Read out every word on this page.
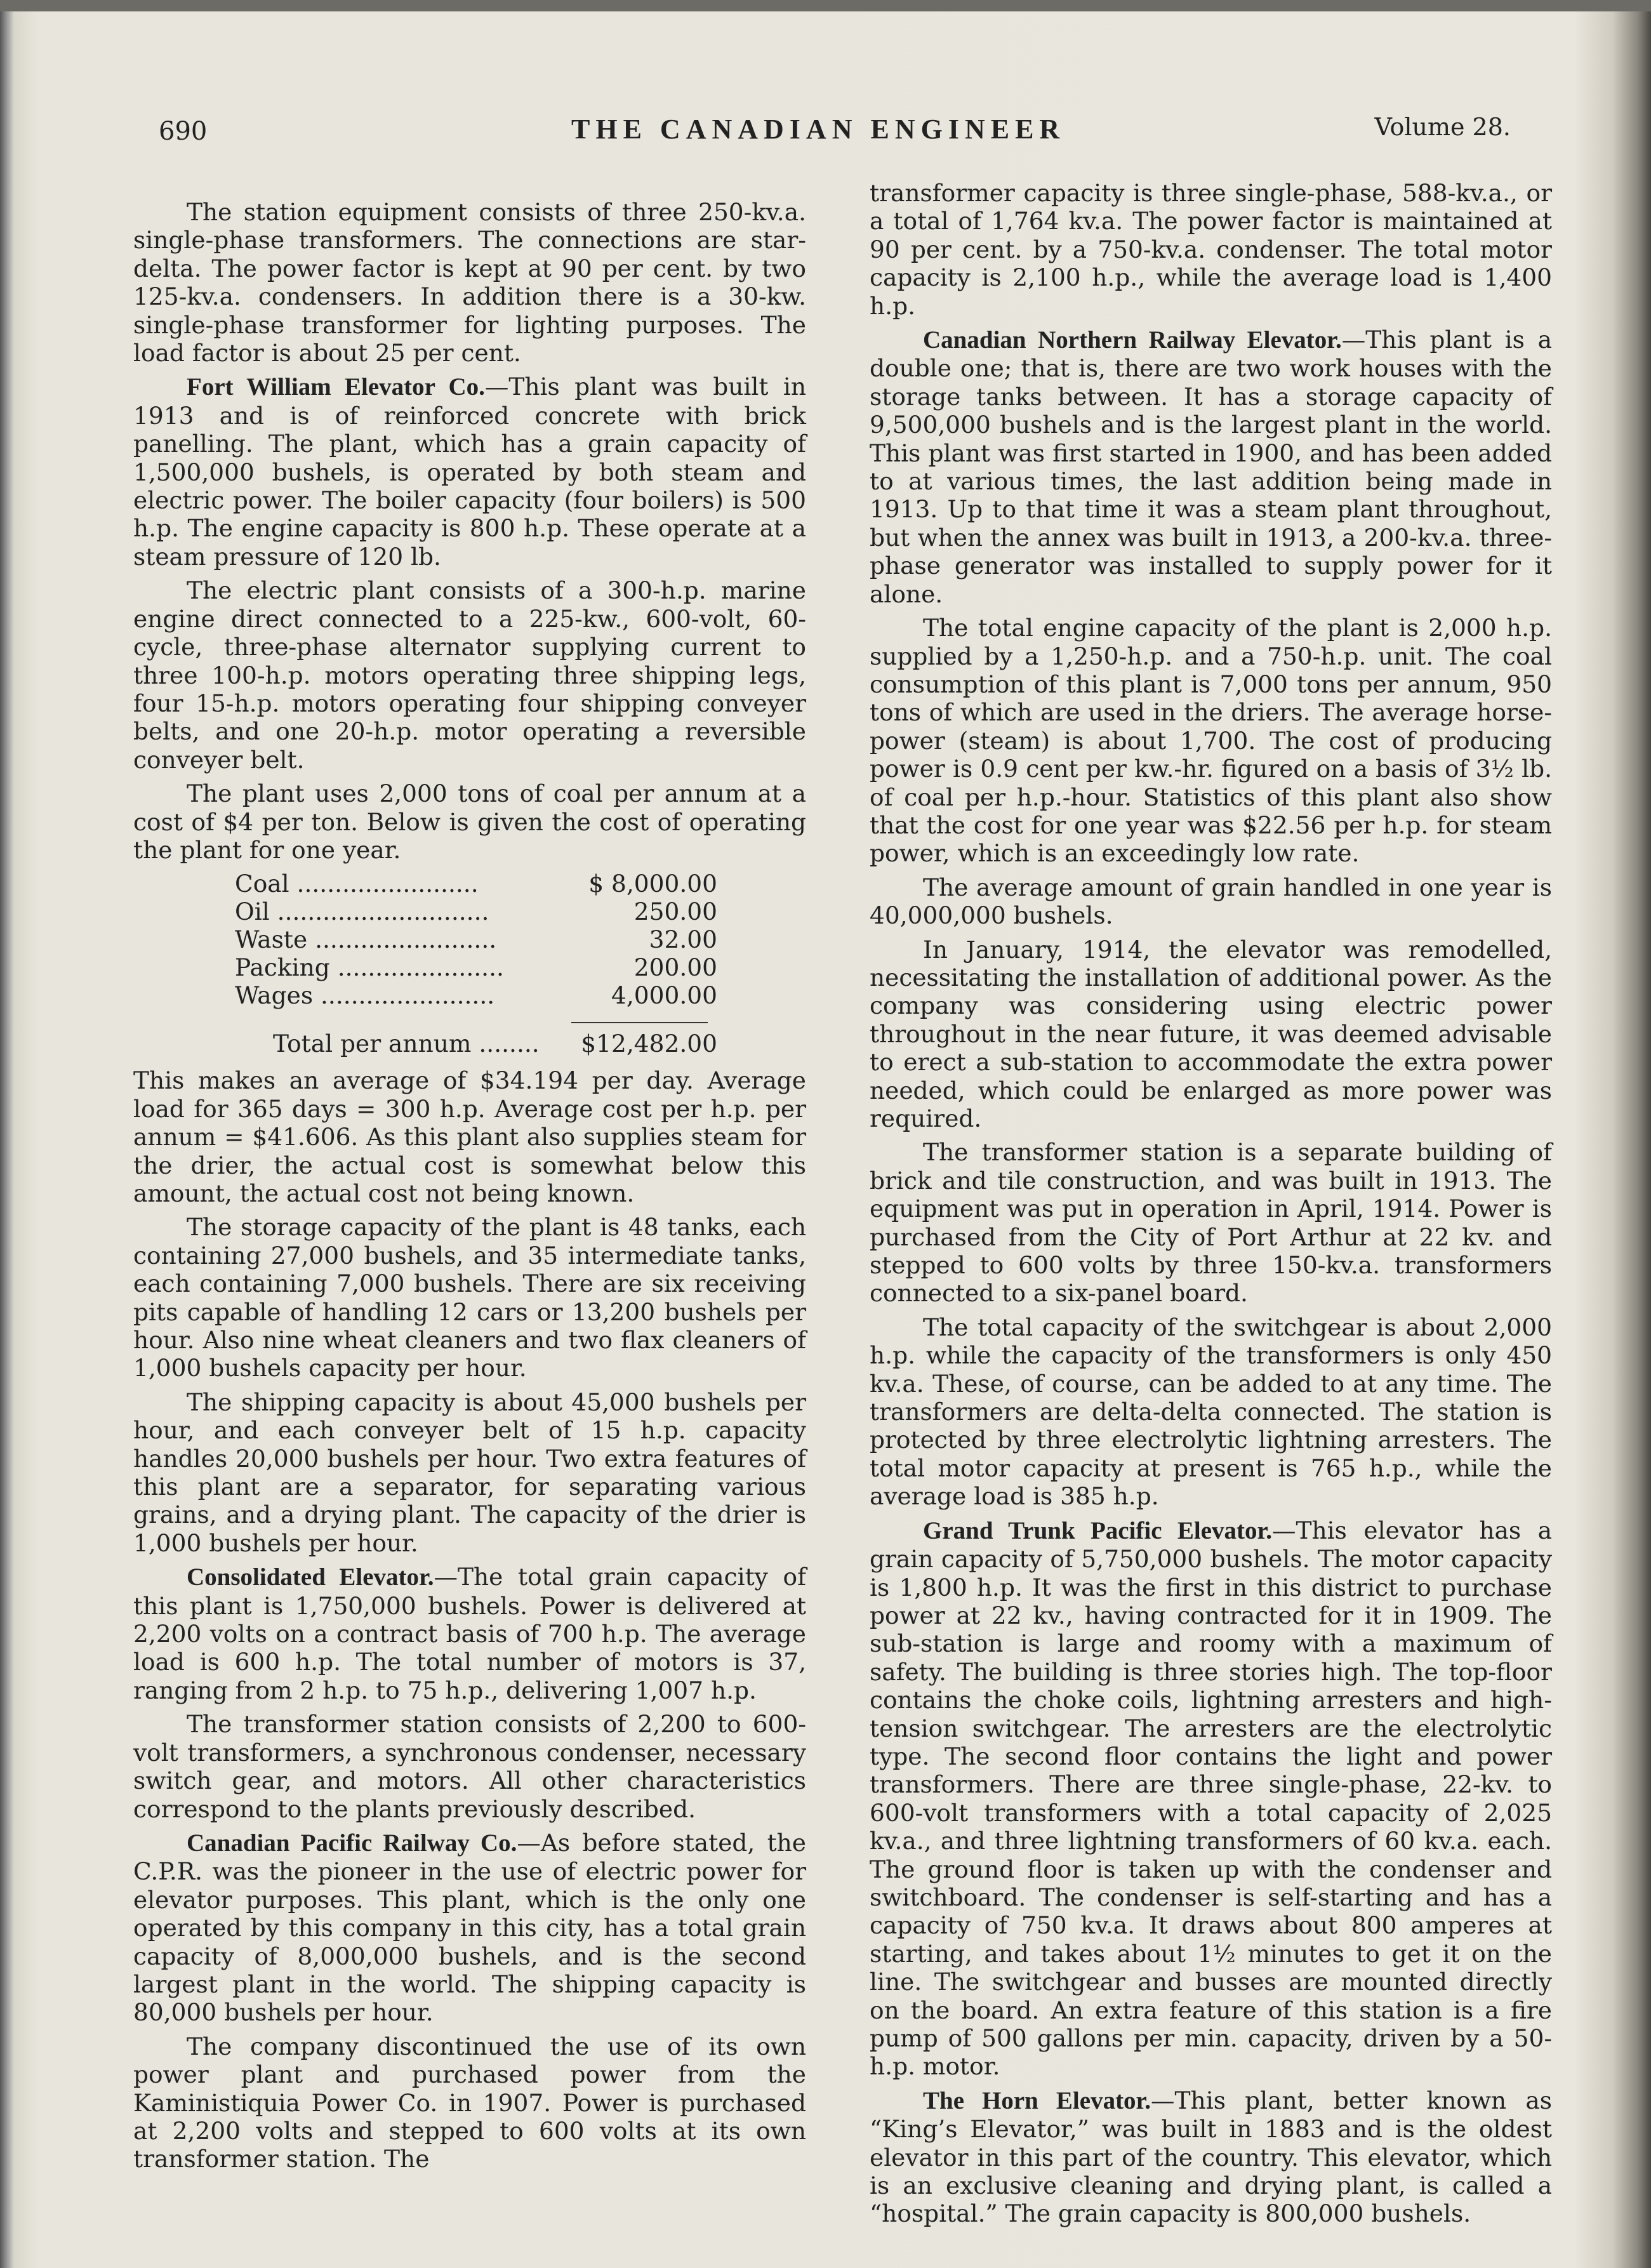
690	THE CANADIAN ENGINEER	Volume 28.

The station equipment consists of three 250-kv.a. single-phase transformers. The connections are star-delta. The power factor is kept at 90 per cent. by two 125-kv.a. condensers. In addition there is a 30-kw. single-phase transformer for lighting purposes. The load factor is about 25 per cent.

Fort William Elevator Co.—This plant was built in 1913 and is of reinforced concrete with brick panelling. The plant, which has a grain capacity of 1,500,000 bushels, is operated by both steam and electric power. The boiler capacity (four boilers) is 500 h.p. The engine capacity is 800 h.p. These operate at a steam pressure of 120 lb.

The electric plant consists of a 300-h.p. marine engine direct connected to a 225-kw., 600-volt, 60-cycle, three-phase alternator supplying current to three 100-h.p. motors operating three shipping legs, four 15-h.p. motors operating four shipping conveyer belts, and one 20-h.p. motor operating a reversible conveyer belt.

The plant uses 2,000 tons of coal per annum at a cost of $4 per ton. Below is given the cost of operating the plant for one year.

Coal ........................	$ 8,000.00
Oil ............................	250.00
Waste ........................	32.00
Packing ......................	200.00
Wages .......................	4,000.00
Total per annum ........	$12,482.00

This makes an average of $34.194 per day. Average load for 365 days = 300 h.p. Average cost per h.p. per annum = $41.606. As this plant also supplies steam for the drier, the actual cost is somewhat below this amount, the actual cost not being known.

The storage capacity of the plant is 48 tanks, each containing 27,000 bushels, and 35 intermediate tanks, each containing 7,000 bushels. There are six receiving pits capable of handling 12 cars or 13,200 bushels per hour. Also nine wheat cleaners and two flax cleaners of 1,000 bushels capacity per hour.

The shipping capacity is about 45,000 bushels per hour, and each conveyer belt of 15 h.p. capacity handles 20,000 bushels per hour. Two extra features of this plant are a separator, for separating various grains, and a drying plant. The capacity of the drier is 1,000 bushels per hour.

Consolidated Elevator.—The total grain capacity of this plant is 1,750,000 bushels. Power is delivered at 2,200 volts on a contract basis of 700 h.p. The average load is 600 h.p. The total number of motors is 37, ranging from 2 h.p. to 75 h.p., delivering 1,007 h.p.

The transformer station consists of 2,200 to 600-volt transformers, a synchronous condenser, necessary switch gear, and motors. All other characteristics correspond to the plants previously described.

Canadian Pacific Railway Co.—As before stated, the C.P.R. was the pioneer in the use of electric power for elevator purposes. This plant, which is the only one operated by this company in this city, has a total grain capacity of 8,000,000 bushels, and is the second largest plant in the world. The shipping capacity is 80,000 bushels per hour.

The company discontinued the use of its own power plant and purchased power from the Kaministiquia Power Co. in 1907. Power is purchased at 2,200 volts and stepped to 600 volts at its own transformer station. The

transformer capacity is three single-phase, 588-kv.a., or a total of 1,764 kv.a. The power factor is maintained at 90 per cent. by a 750-kv.a. condenser. The total motor capacity is 2,100 h.p., while the average load is 1,400 h.p.

Canadian Northern Railway Elevator.—This plant is a double one; that is, there are two work houses with the storage tanks between. It has a storage capacity of 9,500,000 bushels and is the largest plant in the world. This plant was first started in 1900, and has been added to at various times, the last addition being made in 1913. Up to that time it was a steam plant throughout, but when the annex was built in 1913, a 200-kv.a. three-phase generator was installed to supply power for it alone.

The total engine capacity of the plant is 2,000 h.p. supplied by a 1,250-h.p. and a 750-h.p. unit. The coal consumption of this plant is 7,000 tons per annum, 950 tons of which are used in the driers. The average horse-power (steam) is about 1,700. The cost of producing power is 0.9 cent per kw.-hr. figured on a basis of 3½ lb. of coal per h.p.-hour. Statistics of this plant also show that the cost for one year was $22.56 per h.p. for steam power, which is an exceedingly low rate.

The average amount of grain handled in one year is 40,000,000 bushels.

In January, 1914, the elevator was remodelled, necessitating the installation of additional power. As the company was considering using electric power throughout in the near future, it was deemed advisable to erect a sub-station to accommodate the extra power needed, which could be enlarged as more power was required.

The transformer station is a separate building of brick and tile construction, and was built in 1913. The equipment was put in operation in April, 1914. Power is purchased from the City of Port Arthur at 22 kv. and stepped to 600 volts by three 150-kv.a. transformers connected to a six-panel board.

The total capacity of the switchgear is about 2,000 h.p. while the capacity of the transformers is only 450 kv.a. These, of course, can be added to at any time. The transformers are delta-delta connected. The station is protected by three electrolytic lightning arresters. The total motor capacity at present is 765 h.p., while the average load is 385 h.p.

Grand Trunk Pacific Elevator.—This elevator has a grain capacity of 5,750,000 bushels. The motor capacity is 1,800 h.p. It was the first in this district to purchase power at 22 kv., having contracted for it in 1909. The sub-station is large and roomy with a maximum of safety. The building is three stories high. The top-floor contains the choke coils, lightning arresters and high-tension switchgear. The arresters are the electrolytic type. The second floor contains the light and power transformers. There are three single-phase, 22-kv. to 600-volt transformers with a total capacity of 2,025 kv.a., and three lightning transformers of 60 kv.a. each. The ground floor is taken up with the condenser and switchboard. The condenser is self-starting and has a capacity of 750 kv.a. It draws about 800 amperes at starting, and takes about 1½ minutes to get it on the line. The switchgear and busses are mounted directly on the board. An extra feature of this station is a fire pump of 500 gallons per min. capacity, driven by a 50-h.p. motor.

The Horn Elevator.—This plant, better known as “King’s Elevator,” was built in 1883 and is the oldest elevator in this part of the country. This elevator, which is an exclusive cleaning and drying plant, is called a “hospital.” The grain capacity is 800,000 bushels.
